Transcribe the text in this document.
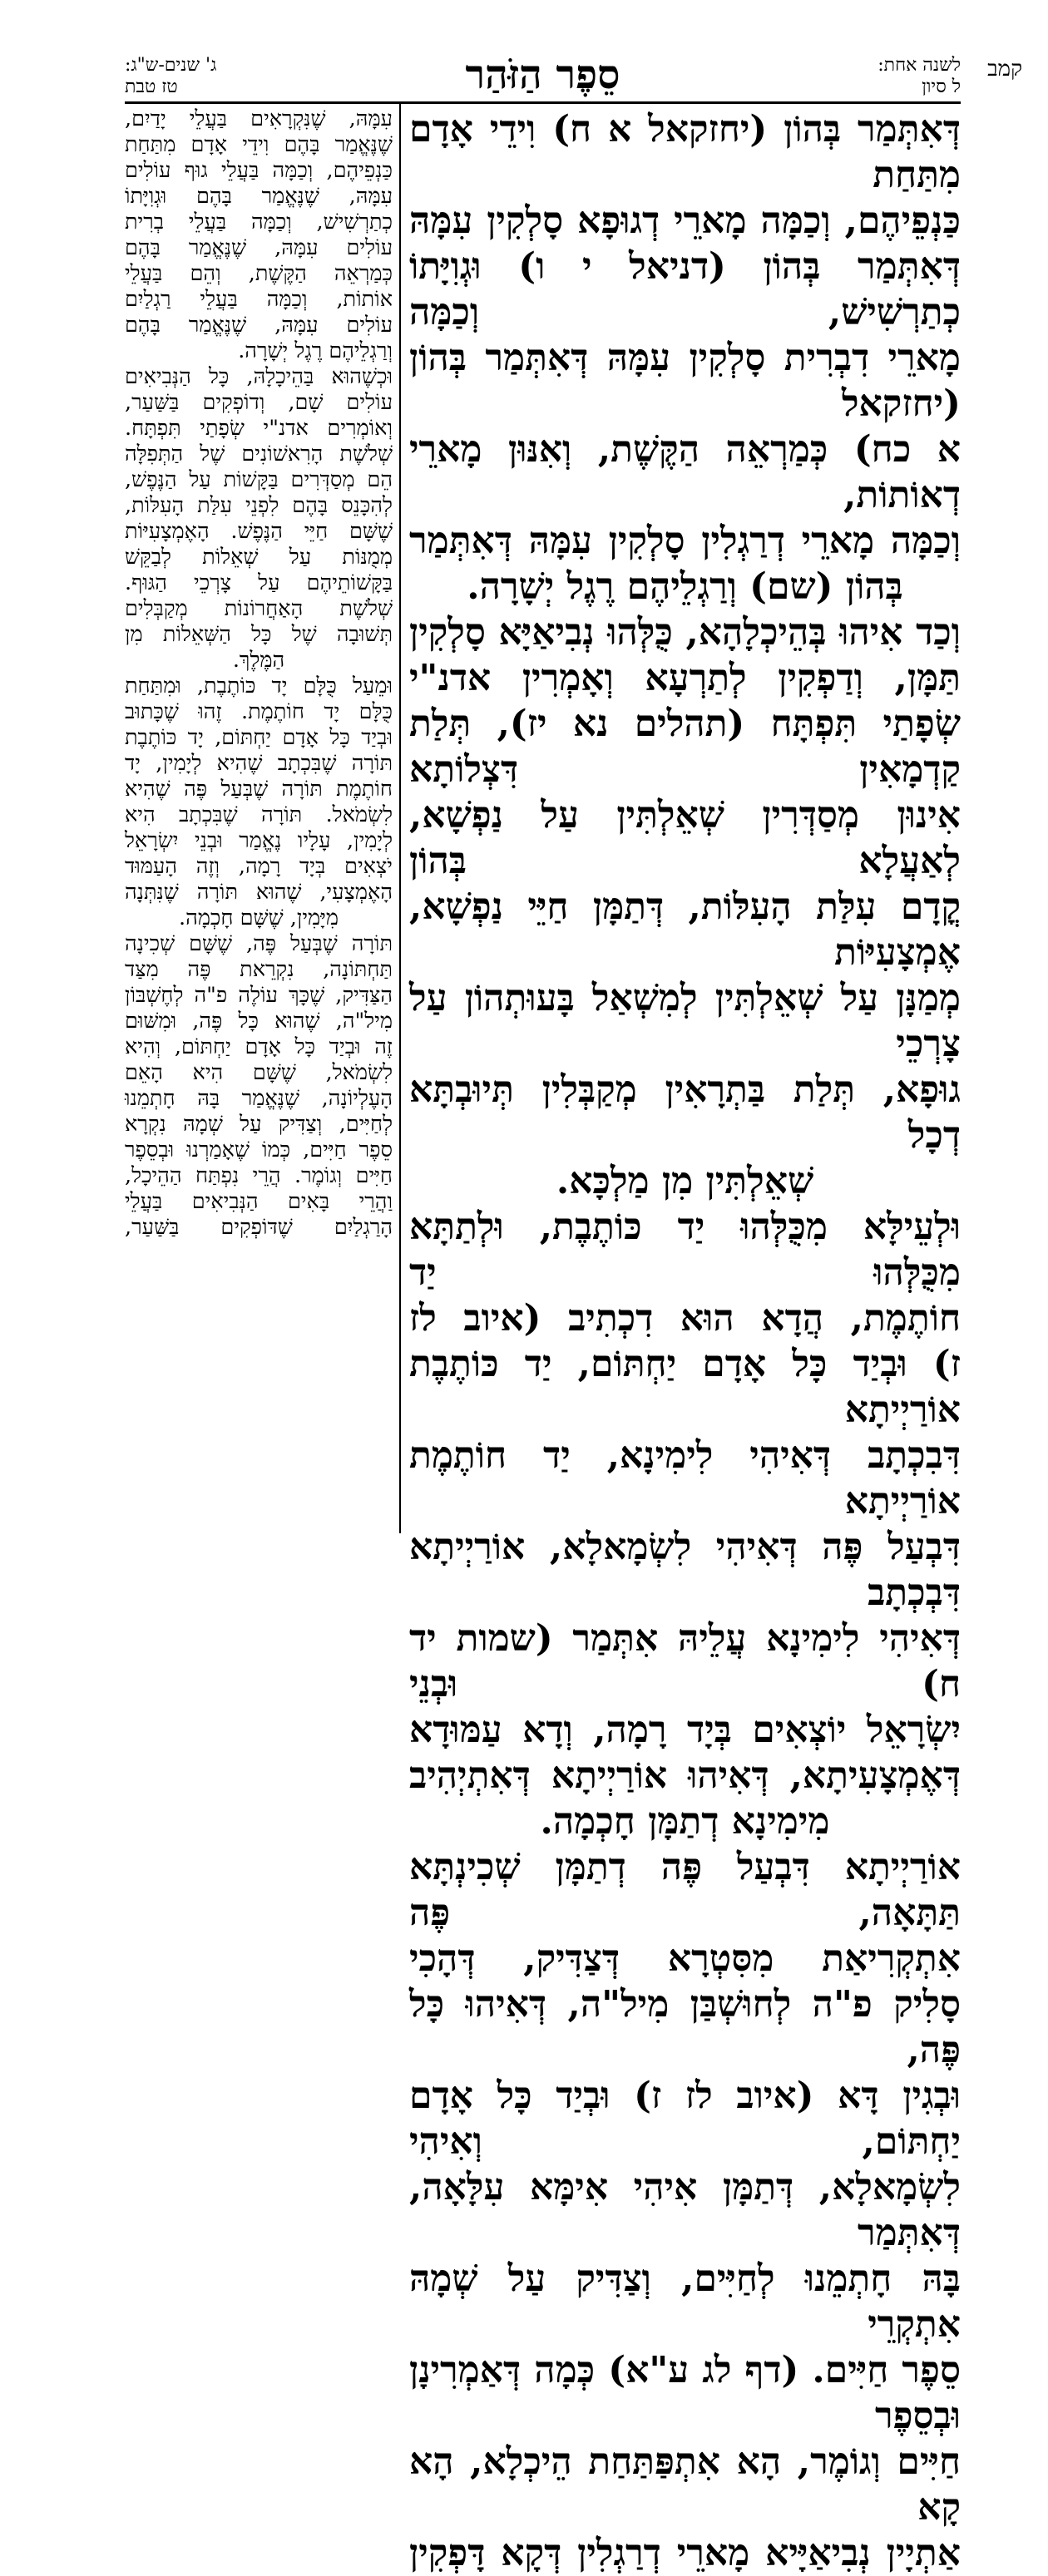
קמב
לשנה אחת:
ל סיון
סֵפֶר הַזֹּהַר
ג' שנים-ש"ג:
טז טבת

דְּאִתְּמַר בְּהוֹן (יחזקאל א ח) וִידֵי אָדָם מִתַּחַת

כַּנְפֵיהֶם, וְכַמָּה מָארֵי דְגוּפָא סָלְקִין עִמָּהּ

דְּאִתְּמַר בְּהוֹן (דניאל י ו) וּגְוִיָּתוֹ כְתַרְשִׁישׁ, וְכַמָּה

מָארֵי דִבְרִית סָלְקִין עִמָּהּ דְּאִתְּמַר בְּהוֹן (יחזקאל

א כח) כְּמַרְאֵה הַקֶּשֶׁת, וְאִנּוּן מָארֵי דְאוֹתוֹת,

וְכַמָּה מָארֵי דְרַגְלִין סָלְקִין עִמָּהּ דְּאִתְּמַר

בְּהוֹן (שם) וְרַגְלֵיהֶם רֶגֶל יְשָׁרָה.

וְכַד אִיהוּ בְּהֵיכְלָהָא, כֻּלְּהוּ נְבִיאַיָּא סָלְקִין

תַּמָּן, וְדַפְקִין לְתַרְעָא וְאָמְרִין אדנ"י

שְׂפָתַי תִּפְתָּח (תהלים נא יז), תְּלַת קַדְמָאִין דִּצְלוֹתָא

אִינוּן מְסַדְּרִין שְׁאֵלְתִּין עַל נַפְשָׁא, לְאַעֲלָא בְּהוֹן

קֳדָם עִלַּת הָעִלּוֹת, דְּתַמָּן חַיֵּי נַפְשָׁא, אֶמְצָעִיּוֹת

מְמַנָּן עַל שְׁאֵלְתִּין לְמִשְׁאַל בָּעוּתְהוֹן עַל צָרְכֵי

גוּפָא, תְּלַת בַּתְרָאִין מְקַבְּלִין תְּיוּבְתָּא דְכָל

שְׁאֵלְתִּין מִן מַלְכָּא.

וּלְעֵילָּא מִכֻּלְּהוּ יַד כּוֹתֶבֶת, וּלְתַתָּא מִכֻּלְּהוּ יַד

חוֹתֶמֶת, הֲדָא הוּא דִכְתִיב (איוב לז

ז) וּבְיַד כָּל אָדָם יַחְתּוֹם, יַד כּוֹתֶבֶת אוֹרַיְיתָא

דִּבִכְתָב דְּאִיהִי לִימִינָא, יַד חוֹתֶמֶת אוֹרַיְיתָא

דִּבְעַל פֶּה דְּאִיהִי לִשְׂמָאלָא, אוֹרַיְיתָא דִּבְכְתָב

דְּאִיהִי לִימִינָא עֲלֵיהּ אִתְּמַר (שמות יד ח) וּבְנֵי

יִשְׂרָאֵל יוֹצְאִים בְּיָד רָמָה, וְדָא עַמּוּדָא

דְּאֶמְצָעִיתָא, דְּאִיהוּ אוֹרַיְיתָא דְּאִתְיְהִיב

מִימִינָא דְתַמָּן חָכְמָה.

אוֹרַיְיתָא דִּבְעַל פֶּה דְתַמָּן שְׁכִינְתָּא תַּתָּאָה, פֶּה

אִתְקְרִיאַת מִסִּטְרָא דְּצַדִּיק, דְּהָכִי

סָלִיק פ"ה לְחוּשְׁבַּן מִיל"ה, דְּאִיהוּ כָּל פֶּה,

וּבְגִין דָּא (איוב לז ז) וּבְיַד כָּל אָדָם יַחְתּוֹם, וְאִיהִי

לִשְׂמָאלָא, דְּתַמָּן אִיהִי אִימָּא עִלָּאָה, דְּאִתְּמַר

בָּהּ חָתְמֵנוּ לְחַיִּים, וְצַדִּיק עַל שְׁמָהּ אִתְקְרֵי

סֵפֶר חַיִּים. (דף לג ע"א) כְּמָה דְּאַמְרִינָן וּבְסֵפֶר

חַיִּים וְגוֹמֶר, הָא אִתְפַּתַּחַת הֵיכְלָא, הָא קָא

אַתְיָין נְבִיאַיָּיא מָארֵי דְרַגְלִין דְּקָא דָּפְקִין

עִמָּהּ, שֶׁנִּקְרָאִים בַּעֲלֵי יָדַיִם,

שֶׁנֶּאֱמַר בָּהֶם וִידֵי אָדָם מִתַּחַת

כַּנְפֵיהֶם, וְכַמָּה בַּעֲלֵי גוּף עוֹלִים

עִמָּהּ, שֶׁנֶּאֱמַר בָּהֶם וּגְוִיָּתוֹ

כְתַרְשִׁישׁ, וְכַמָּה בַּעֲלֵי בְרִית

עוֹלִים עִמָּהּ, שֶׁנֶּאֱמַר בָּהֶם

כְּמַרְאֵה הַקֶּשֶׁת, וְהֵם בַּעֲלֵי

אוֹתוֹת, וְכַמָּה בַּעֲלֵי רַגְלַיִם

עוֹלִים עִמָּהּ, שֶׁנֶּאֱמַר בָּהֶם

וְרַגְלֵיהֶם רֶגֶל יְשָׁרָה.

וּכְשֶׁהוּא בַּהֵיכָלָהּ, כָּל הַנְּבִיאִים

עוֹלִים שָׁם, וְדוֹפְקִים בַּשַּׁעַר,

וְאוֹמְרִים אדנ"י שְׂפָתַי תִּפְתָּח.

שְׁלֹשֶׁת הָרִאשׁוֹנִים שֶׁל הַתְּפִלָּה

הֵם מְסַדְּרִים בַּקָּשׁוֹת עַל הַנֶּפֶשׁ,

לְהִכָּנֵס בָּהֶם לִפְנֵי עִלַּת הָעִלּוֹת,

שֶׁשָּׁם חַיֵּי הַנֶּפֶשׁ. הָאֶמְצָעִיּוֹת

מְמֻנּוֹת עַל שְׁאֵלוֹת לְבַקֵּשׁ

בַּקָּשׁוֹתֵיהֶם עַל צָרְכֵי הַגּוּף.

שְׁלֹשֶׁת הָאַחֲרוֹנוֹת מְקַבְּלִים

תְּשׁוּבָה שֶׁל כָּל הַשְּׁאֵלוֹת מִן

הַמֶּלֶךְ.

וּמֵעַל כֻּלָּם יָד כּוֹתֶבֶת, וּמִתַּחַת

כֻּלָּם יָד חוֹתֶמֶת. זֶהוּ שֶׁכָּתוּב

וּבְיַד כָּל אָדָם יַחְתּוֹם, יָד כּוֹתֶבֶת

תּוֹרָה שֶׁבִּכְתָב שֶׁהִיא לְיָמִין, יָד

חוֹתֶמֶת תּוֹרָה שֶׁבְּעַל פֶּה שֶׁהִיא

לִשְׂמֹאל. תּוֹרָה שֶׁבִּכְתָב הִיא

לְיָמִין, עָלָיו נֶאֱמַר וּבְנֵי יִשְׂרָאֵל

יֹצְאִים בְּיָד רָמָה, וְזֶה הָעַמּוּד

הָאֶמְצָעִי, שֶׁהוּא תּוֹרָה שֶׁנִּתְּנָה

מִיָּמִין, שֶׁשָּׁם חָכְמָה.

תּוֹרָה שֶׁבְּעַל פֶּה, שֶׁשָּׁם שְׁכִינָה

תַּחְתּוֹנָה, נִקְרֵאת פֶּה מִצַּד

הַצַּדִּיק, שֶׁכָּךְ עוֹלֶה פ"ה לְחֶשְׁבּוֹן

מִיל"ה, שֶׁהוּא כָּל פֶּה, וּמִשּׁוּם

זֶה וּבְיַד כָּל אָדָם יַחְתּוֹם, וְהִיא

לִשְׂמֹאל, שֶׁשָּׁם הִיא הָאֵם

הָעֶלְיוֹנָה, שֶׁנֶּאֱמַר בָּהּ חָתְמֵנוּ

לְחַיִּים, וְצַדִּיק עַל שְׁמָהּ נִקְרָא

סֵפֶר חַיִּים, כְּמוֹ שֶׁאָמַרְנוּ וּבְסֵפֶר

חַיִּים וְגוֹמֶר. הֲרֵי נִפְתַּח הַהֵיכָל,

וַהֲרֵי בָּאִים הַנְּבִיאִים בַּעֲלֵי

הָרַגְלַיִם שֶׁדּוֹפְקִים בַּשַּׁעַר,
